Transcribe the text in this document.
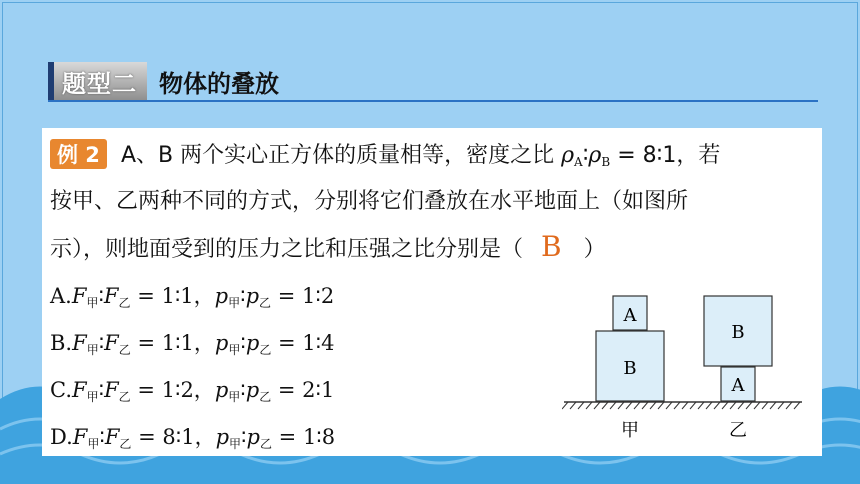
题型二 物体的叠放
例 2 A、B 两个实心正方体的质量相等，密度之比 $\rho_A∶\rho_B$ = 8∶1，若
按甲、乙两种不同的方式，分别将它们叠放在水平地面上（如图所
示），则地面受到的压力之比和压强之比分别是（ B ）
$A.F_甲∶F_乙$ = 1∶1，$p_甲∶p_乙$ = 1∶2
$B.F_甲∶F_乙$ = 1∶1，$p_甲∶p_乙$ = 1∶4
$C.F_甲∶F_乙$ = 1∶2，$p_甲∶p_乙$ = 2∶1
$D.F_甲∶F_乙$ = 8∶1，$p_甲∶p_乙$ = 1∶8
A
B
B
A
甲	乙
